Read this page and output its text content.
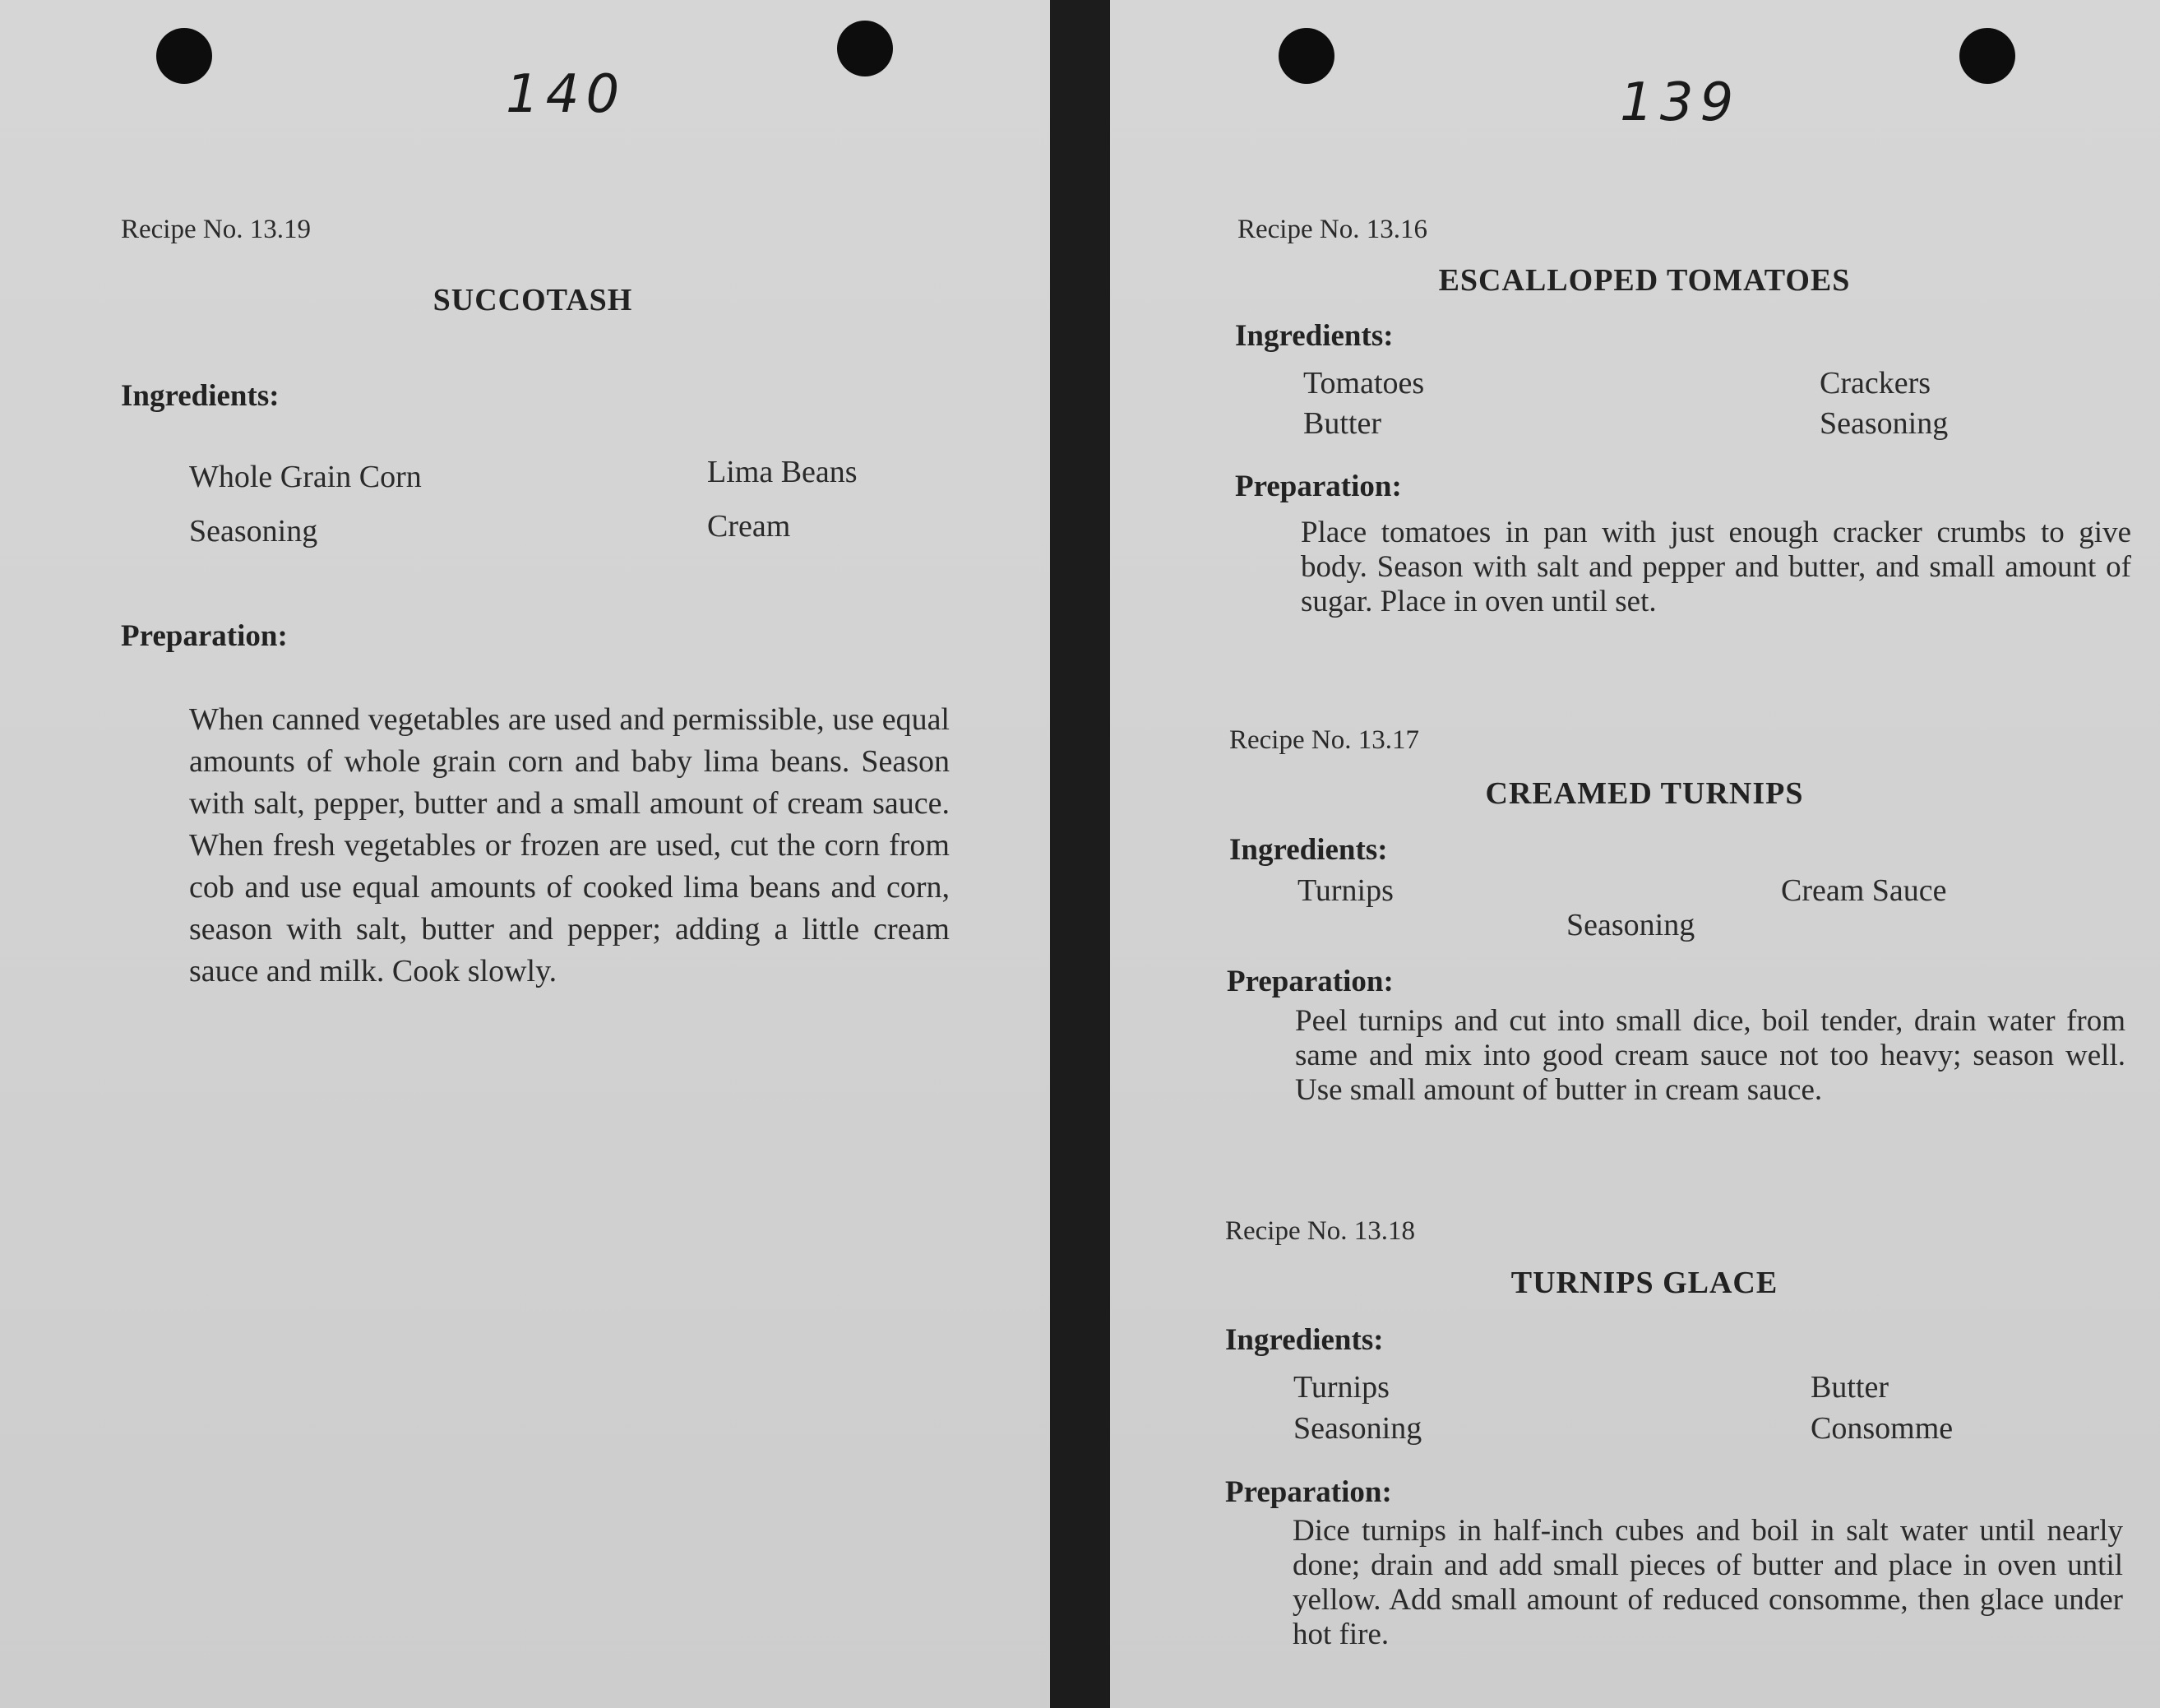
140
Recipe No. 13.19
SUCCOTASH
Ingredients:
Whole Grain Corn	Lima Beans
Seasoning	Cream
Preparation:

When canned vegetables are used and permissible, use equal amounts of whole grain corn and baby lima beans. Season with salt, pepper, butter and a small amount of cream sauce. When fresh vegetables or frozen are used, cut the corn from cob and use equal amounts of cooked lima beans and corn, season with salt, butter and pepper; adding a little cream sauce and milk. Cook slowly.

139
Recipe No. 13.16
ESCALLOPED TOMATOES
Ingredients:
Tomatoes	Crackers
Butter	Seasoning
Preparation:

Place tomatoes in pan with just enough cracker crumbs to give body. Season with salt and pepper and butter, and small amount of sugar. Place in oven until set.

Recipe No. 13.17
CREAMED TURNIPS
Ingredients:
Turnips	Cream Sauce
Seasoning
Preparation:

Peel turnips and cut into small dice, boil tender, drain water from same and mix into good cream sauce not too heavy; season well. Use small amount of butter in cream sauce.

Recipe No. 13.18
TURNIPS GLACE
Ingredients:
Turnips	Butter
Seasoning	Consomme
Preparation:

Dice turnips in half-inch cubes and boil in salt water until nearly done; drain and add small pieces of butter and place in oven until yellow. Add small amount of reduced consomme, then glace under hot fire.
